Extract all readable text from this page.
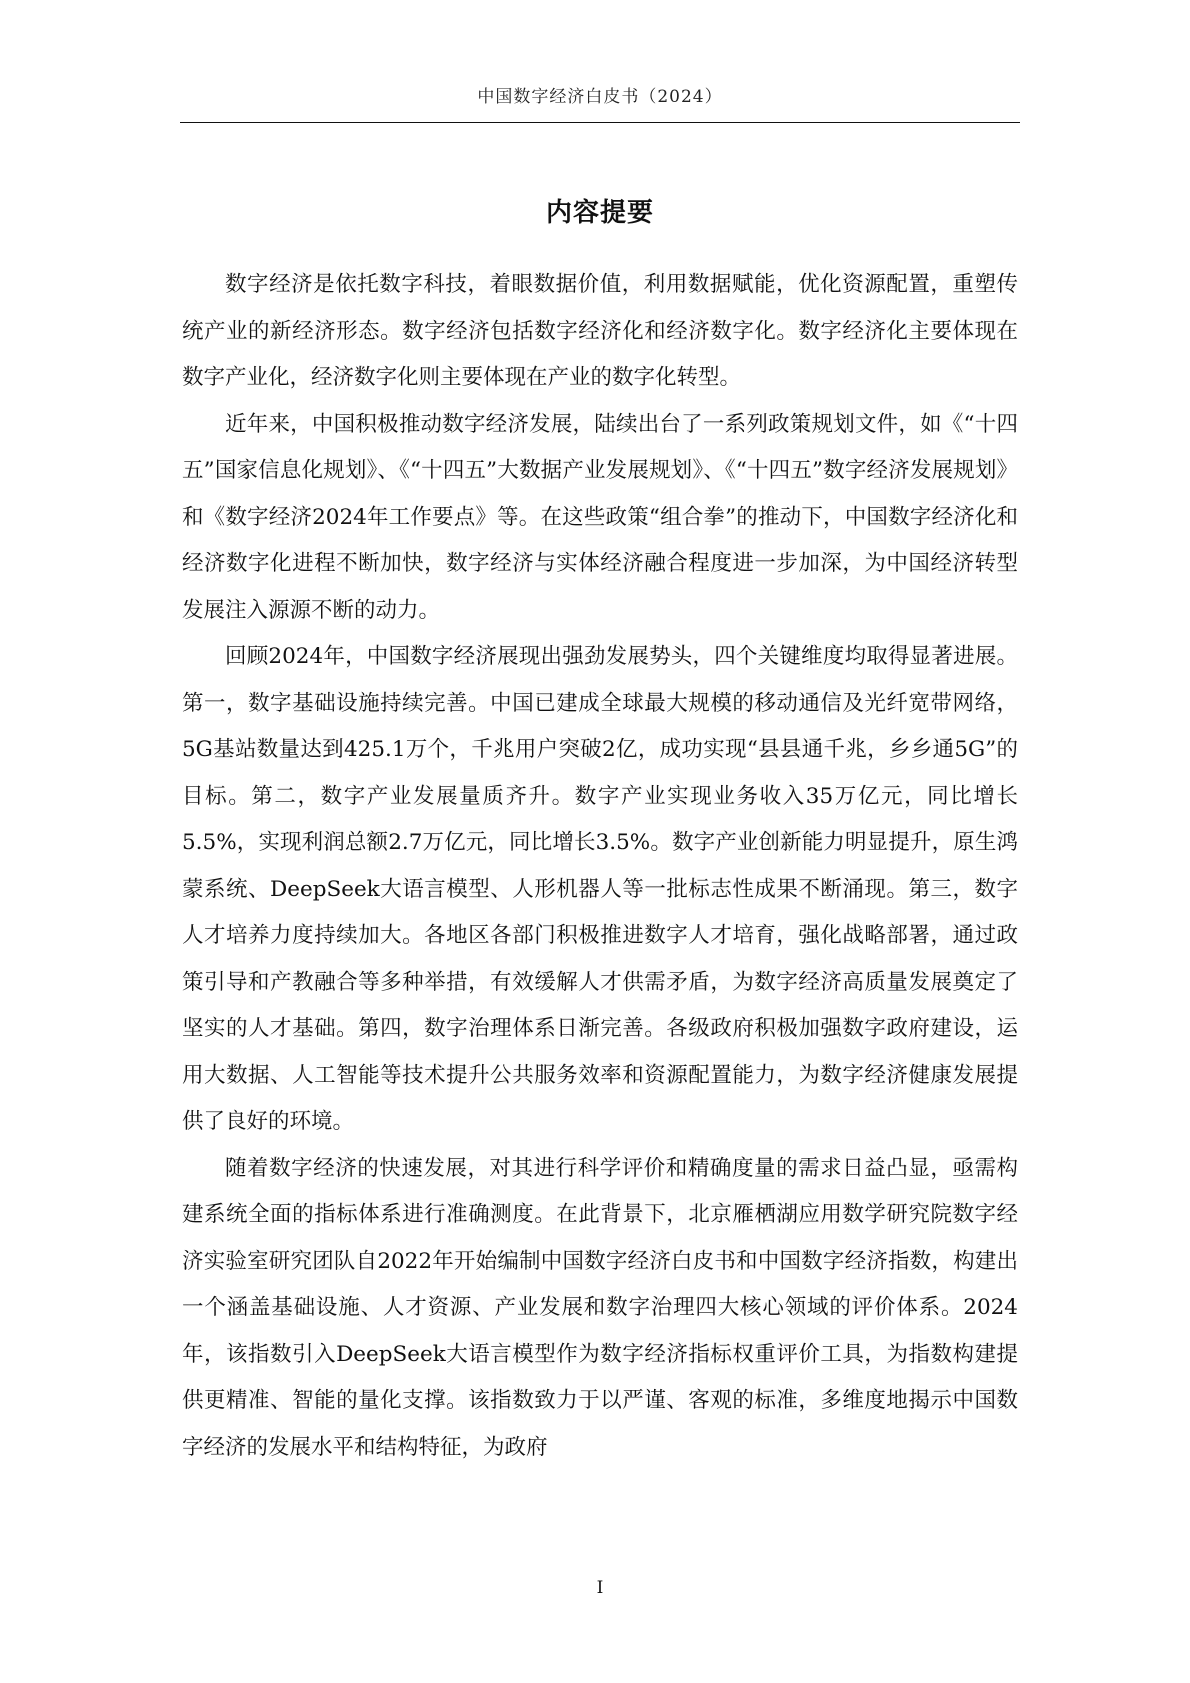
中国数字经济白皮书（2024）
内容提要

数字经济是依托数字科技，着眼数据价值，利用数据赋能，优化资源配置，重塑传统产业的新经济形态。数字经济包括数字经济化和经济数字化。数字经济化主要体现在数字产业化，经济数字化则主要体现在产业的数字化转型。

近年来，中国积极推动数字经济发展，陆续出台了一系列政策规划文件，如《“十四五”国家信息化规划》、《“十四五”大数据产业发展规划》、《“十四五”数字经济发展规划》和《数字经济2024年工作要点》等。在这些政策“组合拳”的推动下，中国数字经济化和经济数字化进程不断加快，数字经济与实体经济融合程度进一步加深，为中国经济转型发展注入源源不断的动力。

回顾2024年，中国数字经济展现出强劲发展势头，四个关键维度均取得显著进展。第一，数字基础设施持续完善。中国已建成全球最大规模的移动通信及光纤宽带网络，5G基站数量达到425.1万个，千兆用户突破2亿，成功实现“县县通千兆，乡乡通5G”的目标。第二，数字产业发展量质齐升。数字产业实现业务收入35万亿元，同比增长5.5%，实现利润总额2.7万亿元，同比增长3.5%。数字产业创新能力明显提升，原生鸿蒙系统、DeepSeek大语言模型、人形机器人等一批标志性成果不断涌现。第三，数字人才培养力度持续加大。各地区各部门积极推进数字人才培育，强化战略部署，通过政策引导和产教融合等多种举措，有效缓解人才供需矛盾，为数字经济高质量发展奠定了坚实的人才基础。第四，数字治理体系日渐完善。各级政府积极加强数字政府建设，运用大数据、人工智能等技术提升公共服务效率和资源配置能力，为数字经济健康发展提供了良好的环境。

随着数字经济的快速发展，对其进行科学评价和精确度量的需求日益凸显，亟需构建系统全面的指标体系进行准确测度。在此背景下，北京雁栖湖应用数学研究院数字经济实验室研究团队自2022年开始编制中国数字经济白皮书和中国数字经济指数，构建出一个涵盖基础设施、人才资源、产业发展和数字治理四大核心领域的评价体系。2024年，该指数引入DeepSeek大语言模型作为数字经济指标权重评价工具，为指数构建提供更精准、智能的量化支撑。该指数致力于以严谨、客观的标准，多维度地揭示中国数字经济的发展水平和结构特征，为政府

I
